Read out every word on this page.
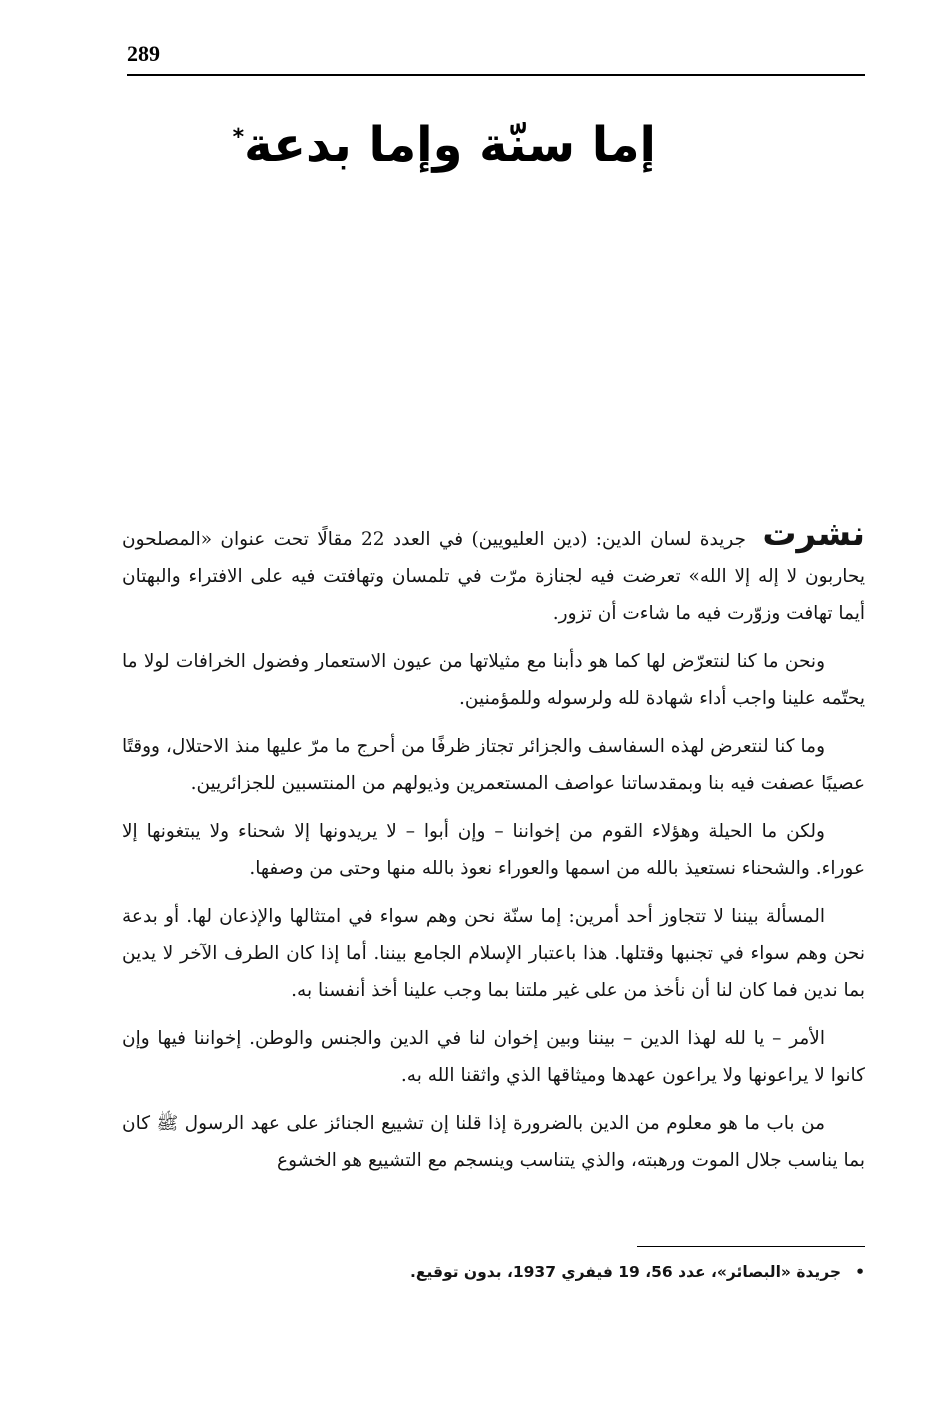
289
إما سنّة وإما بدعة*

نشرت جريدة لسان الدين: (دين العليويين) في العدد 22 مقالًا تحت عنوان «المصلحون يحاربون لا إله إلا الله» تعرضت فيه لجنازة مرّت في تلمسان وتهافتت فيه على الافتراء والبهتان أيما تهافت وزوّرت فيه ما شاءت أن تزور.

ونحن ما كنا لنتعرّض لها كما هو دأبنا مع مثيلاتها من عيون الاستعمار وفضول الخرافات لولا ما يحتّمه علينا واجب أداء شهادة لله ولرسوله وللمؤمنين.

وما كنا لنتعرض لهذه السفاسف والجزائر تجتاز ظرفًا من أحرج ما مرّ عليها منذ الاحتلال، ووقتًا عصيبًا عصفت فيه بنا وبمقدساتنا عواصف المستعمرين وذيولهم من المنتسبين للجزائريين.

ولكن ما الحيلة وهؤلاء القوم من إخواننا – وإن أبوا – لا يريدونها إلا شحناء ولا يبتغونها إلا عوراء. والشحناء نستعيذ بالله من اسمها والعوراء نعوذ بالله منها وحتى من وصفها.

المسألة بيننا لا تتجاوز أحد أمرين: إما سنّة نحن وهم سواء في امتثالها والإذعان لها. أو بدعة نحن وهم سواء في تجنبها وقتلها. هذا باعتبار الإسلام الجامع بيننا. أما إذا كان الطرف الآخر لا يدين بما ندين فما كان لنا أن نأخذ من على غير ملتنا بما وجب علينا أخذ أنفسنا به.

الأمر – يا لله لهذا الدين – بيننا وبين إخوان لنا في الدين والجنس والوطن. إخواننا فيها وإن كانوا لا يراعونها ولا يراعون عهدها وميثاقها الذي واثقنا الله به.

من باب ما هو معلوم من الدين بالضرورة إذا قلنا إن تشييع الجنائز على عهد الرسول ﷺ كان بما يناسب جلال الموت ورهبته، والذي يتناسب وينسجم مع التشييع هو الخشوع

•جريدة «البصائر»، عدد 56، 19 فيفري 1937، بدون توقيع.
